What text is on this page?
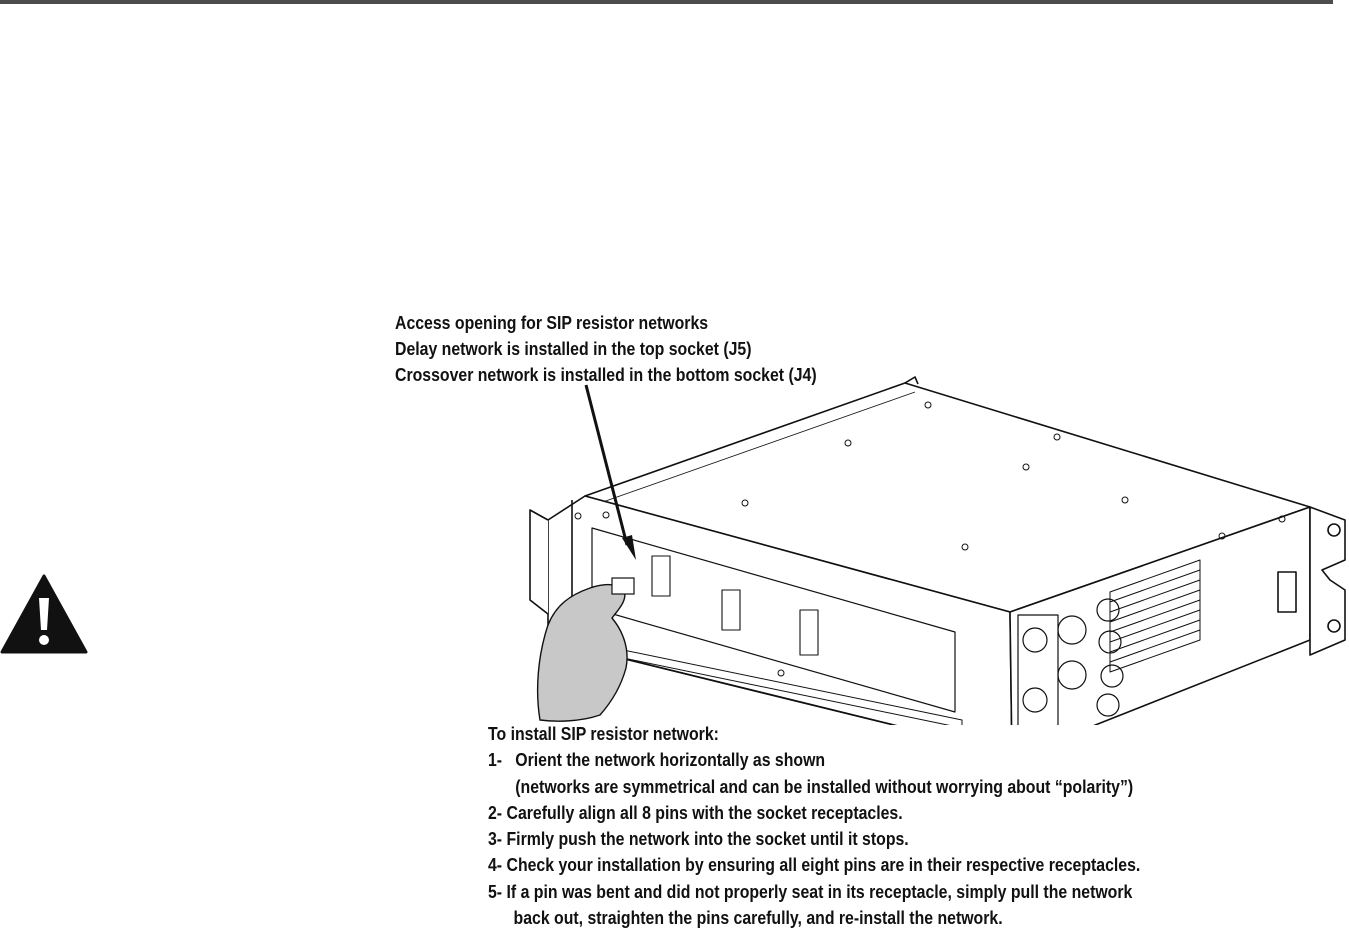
Access opening for SIP resistor networks
Delay network is installed in the top socket (J5)
Crossover network is installed in the bottom socket (J4)
To install SIP resistor network:
1- Orient the network horizontally as shown
(networks are symmetrical and can be installed without worrying about “polarity”)
2- Carefully align all 8 pins with the socket receptacles.
3- Firmly push the network into the socket until it stops.
4- Check your installation by ensuring all eight pins are in their respective receptacles.
5- If a pin was bent and did not properly seat in its receptacle, simply pull the network
back out, straighten the pins carefully, and re-install the network.
